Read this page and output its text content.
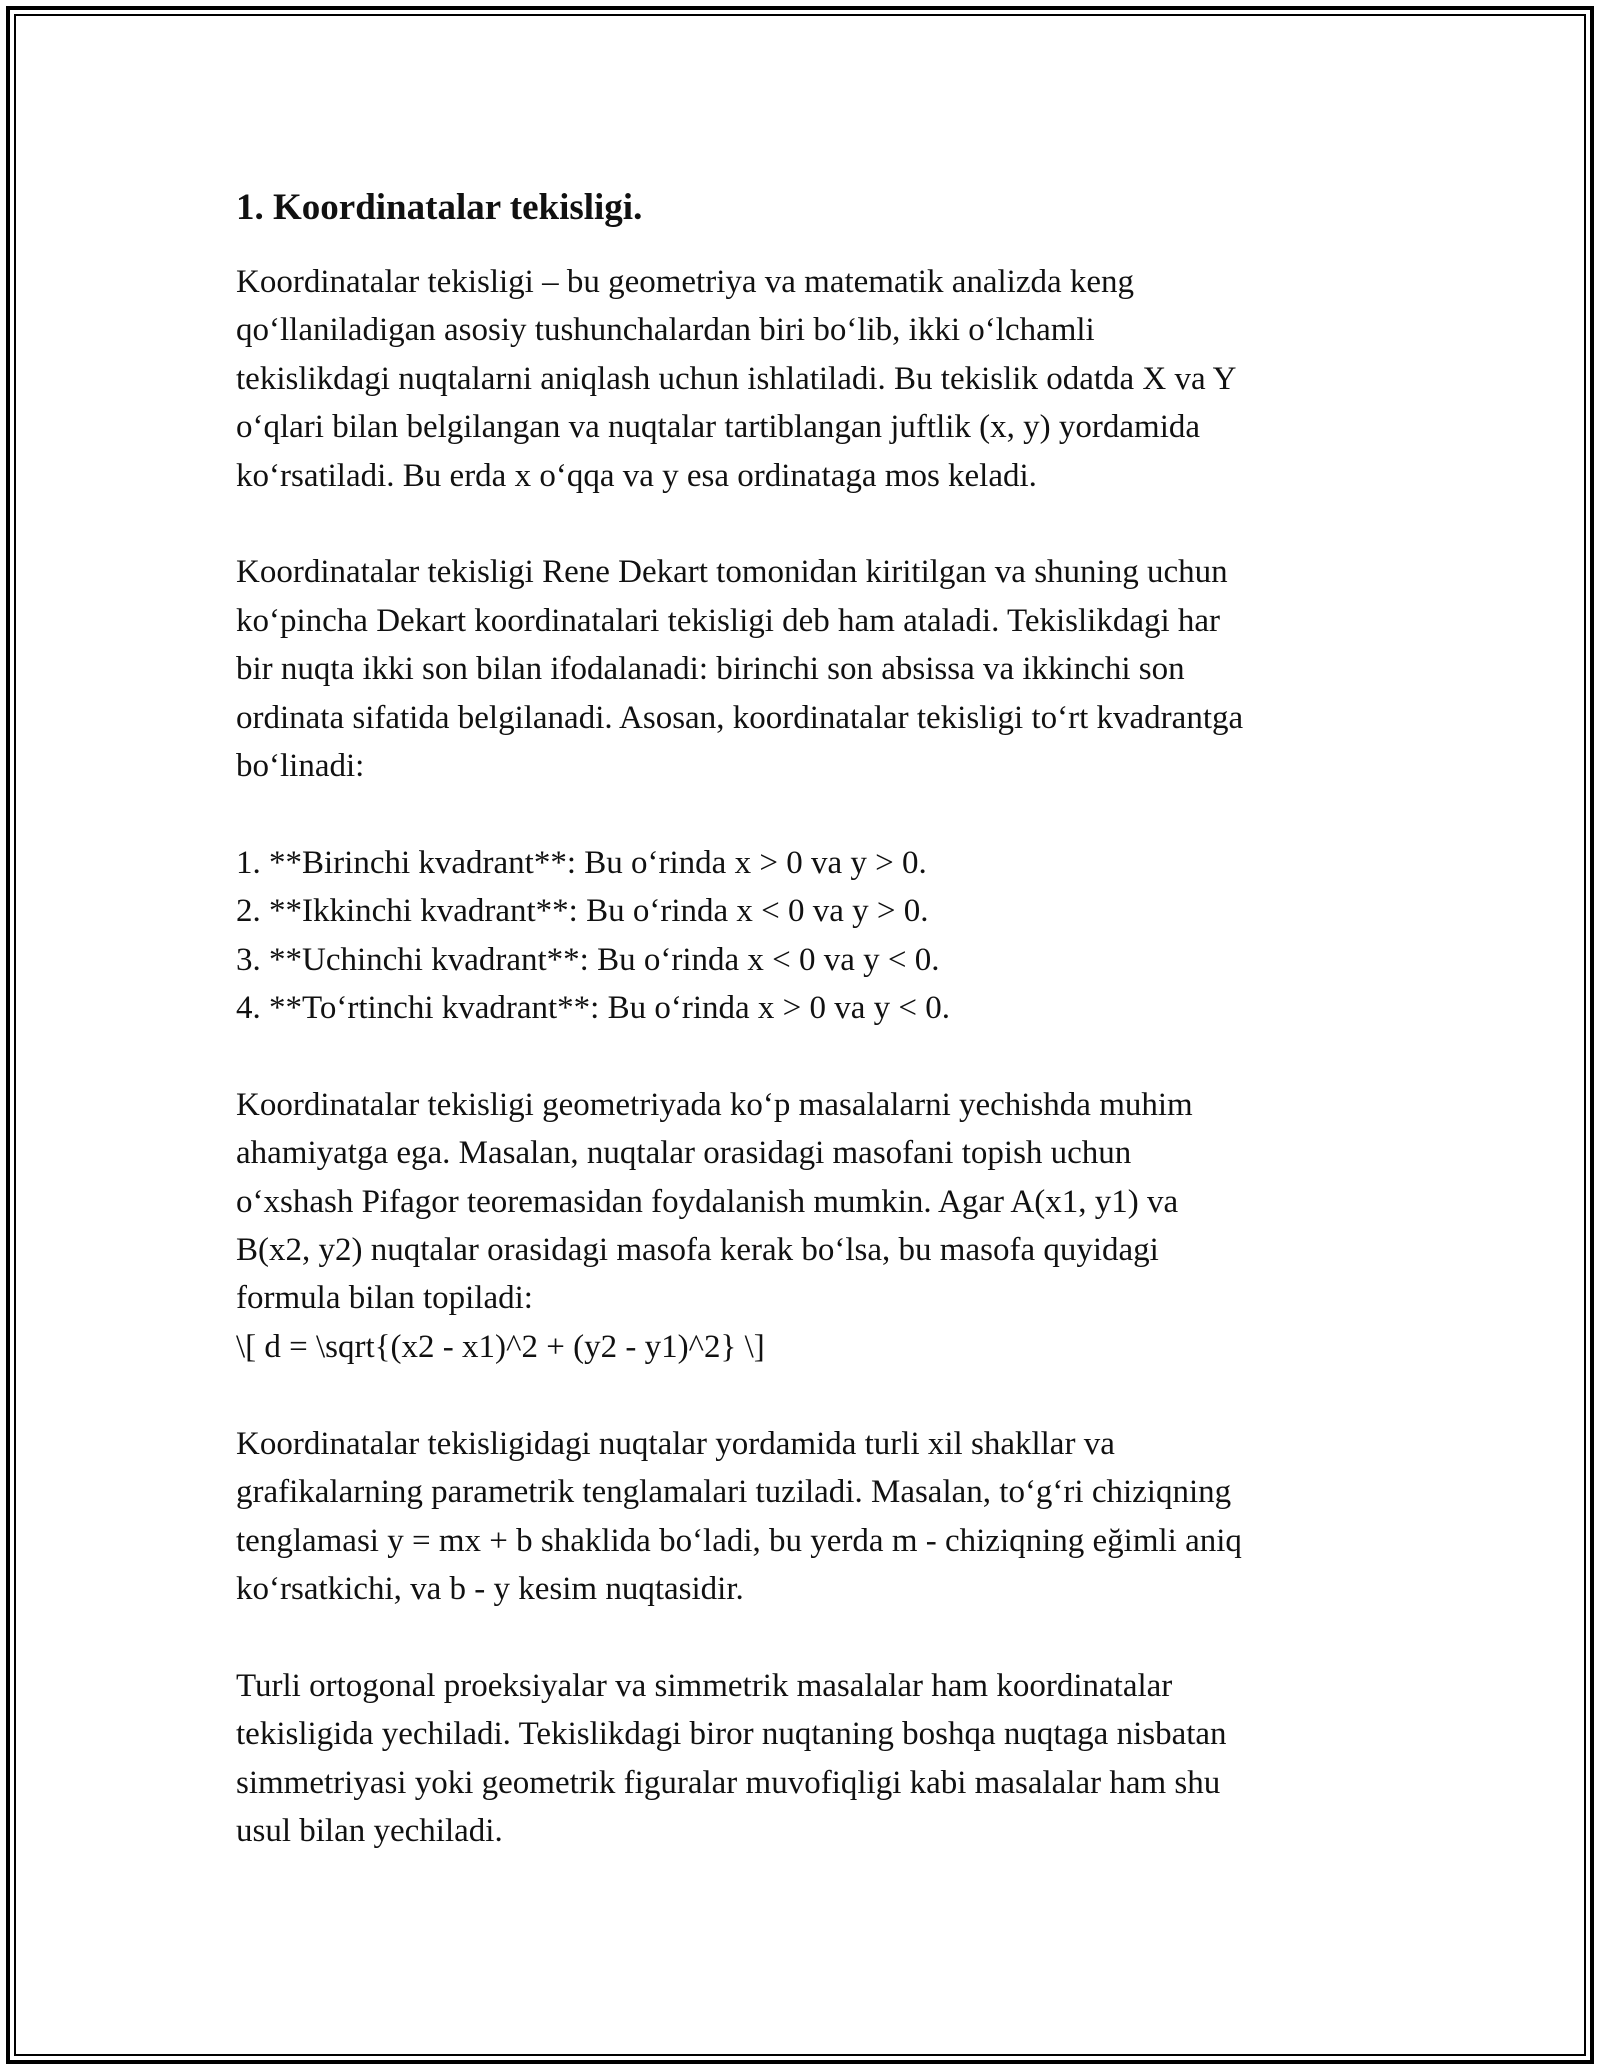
1. Koordinatalar tekisligi.
Koordinatalar tekisligi – bu geometriya va matematik analizda keng
qo‘llaniladigan asosiy tushunchalardan biri bo‘lib, ikki o‘lchamli
tekislikdagi nuqtalarni aniqlash uchun ishlatiladi. Bu tekislik odatda X va Y
o‘qlari bilan belgilangan va nuqtalar tartiblangan juftlik (x, y) yordamida
ko‘rsatiladi. Bu erda x o‘qqa va y esa ordinataga mos keladi.
Koordinatalar tekisligi Rene Dekart tomonidan kiritilgan va shuning uchun
ko‘pincha Dekart koordinatalari tekisligi deb ham ataladi. Tekislikdagi har
bir nuqta ikki son bilan ifodalanadi: birinchi son absissa va ikkinchi son
ordinata sifatida belgilanadi. Asosan, koordinatalar tekisligi to‘rt kvadrantga
bo‘linadi:
1. **Birinchi kvadrant**: Bu o‘rinda x > 0 va y > 0.
2. **Ikkinchi kvadrant**: Bu o‘rinda x < 0 va y > 0.
3. **Uchinchi kvadrant**: Bu o‘rinda x < 0 va y < 0.
4. **To‘rtinchi kvadrant**: Bu o‘rinda x > 0 va y < 0.
Koordinatalar tekisligi geometriyada ko‘p masalalarni yechishda muhim
ahamiyatga ega. Masalan, nuqtalar orasidagi masofani topish uchun
o‘xshash Pifagor teoremasidan foydalanish mumkin. Agar A(x1, y1) va
B(x2, y2) nuqtalar orasidagi masofa kerak bo‘lsa, bu masofa quyidagi
formula bilan topiladi:
\[ d = \sqrt{(x2 - x1)^2 + (y2 - y1)^2} \]
Koordinatalar tekisligidagi nuqtalar yordamida turli xil shakllar va
grafikalarning parametrik tenglamalari tuziladi. Masalan, to‘g‘ri chiziqning
tenglamasi y = mx + b shaklida bo‘ladi, bu yerda m - chiziqning eğimli aniq
ko‘rsatkichi, va b - y kesim nuqtasidir.
Turli ortogonal proeksiyalar va simmetrik masalalar ham koordinatalar
tekisligida yechiladi. Tekislikdagi biror nuqtaning boshqa nuqtaga nisbatan
simmetriyasi yoki geometrik figuralar muvofiqligi kabi masalalar ham shu
usul bilan yechiladi.
